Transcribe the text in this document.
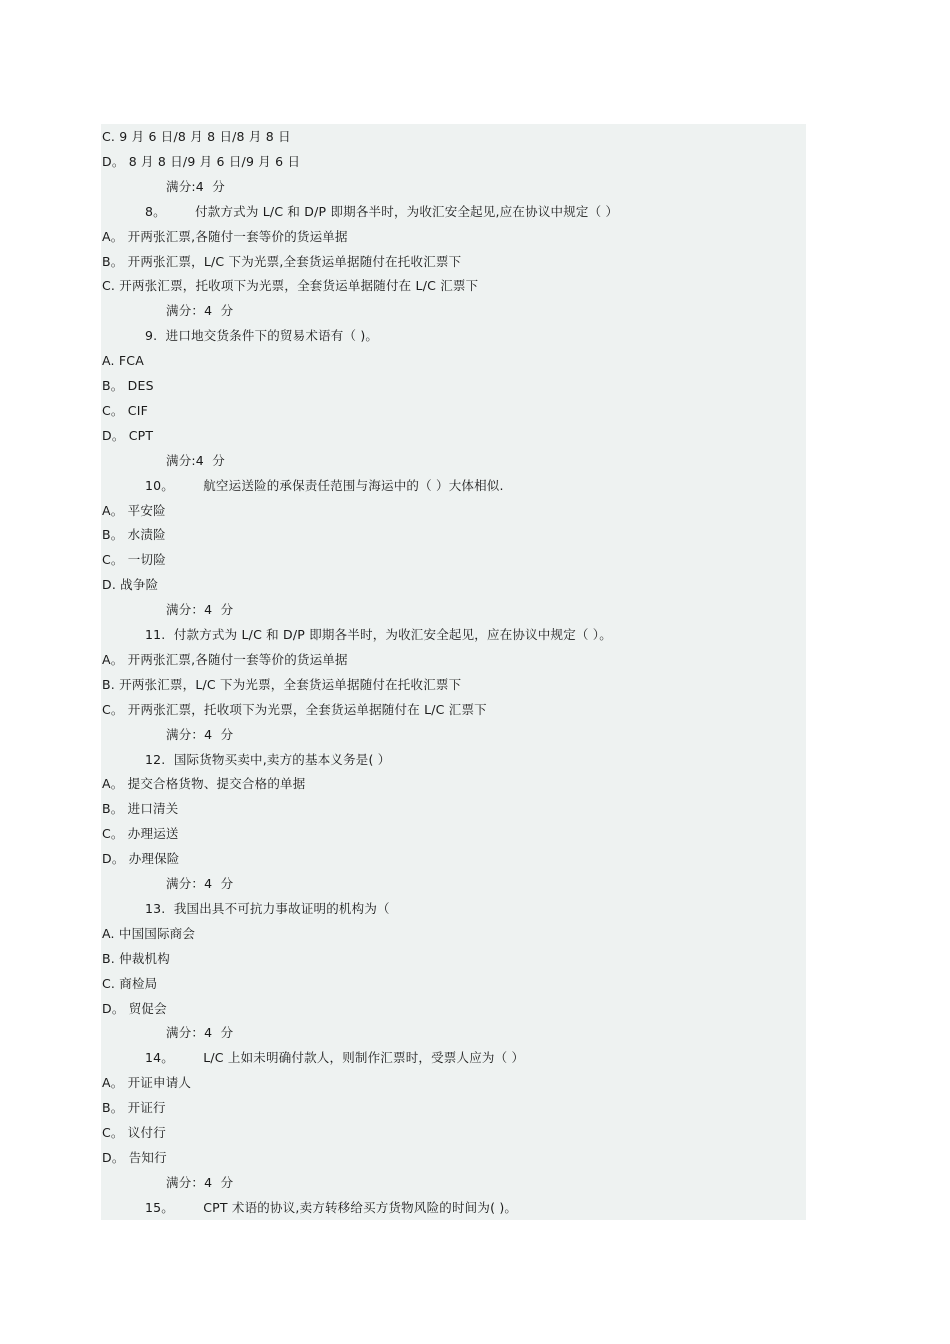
C. 9 月 6 日/8 月 8 日/8 月 8 日
D。 8 月 8 日/9 月 6 日/9 月 6 日
满分:4  分
8。       付款方式为 L/C 和 D/P 即期各半时，为收汇安全起见,应在协议中规定（ ）
A。 开两张汇票,各随付一套等价的货运单据
B。 开两张汇票，L/C 下为光票,全套货运单据随付在托收汇票下
C. 开两张汇票，托收项下为光票，全套货运单据随付在 L/C 汇票下
满分：4  分
9.  进口地交货条件下的贸易术语有（ )。
A. FCA
B。 DES
C。 CIF
D。 CPT
满分:4  分
10。       航空运送险的承保责任范围与海运中的（ ）大体相似.
A。 平安险
B。 水渍险
C。 一切险
D. 战争险
满分：4  分
11.  付款方式为 L/C 和 D/P 即期各半时，为收汇安全起见，应在协议中规定（ ）。
A。 开两张汇票,各随付一套等价的货运单据
B. 开两张汇票，L/C 下为光票，全套货运单据随付在托收汇票下
C。 开两张汇票，托收项下为光票，全套货运单据随付在 L/C 汇票下
满分：4  分
12.  国际货物买卖中,卖方的基本义务是( ）
A。 提交合格货物、提交合格的单据
B。 进口清关
C。 办理运送
D。 办理保险
满分：4  分
13.  我国出具不可抗力事故证明的机构为（
A. 中国国际商会
B. 仲裁机构
C. 商检局
D。 贸促会
满分：4  分
14。       L/C 上如未明确付款人，则制作汇票时，受票人应为（ ）
A。 开证申请人
B。 开证行
C。 议付行
D。 告知行
满分：4  分
15。       CPT 术语的协议,卖方转移给买方货物风险的时间为( )。
